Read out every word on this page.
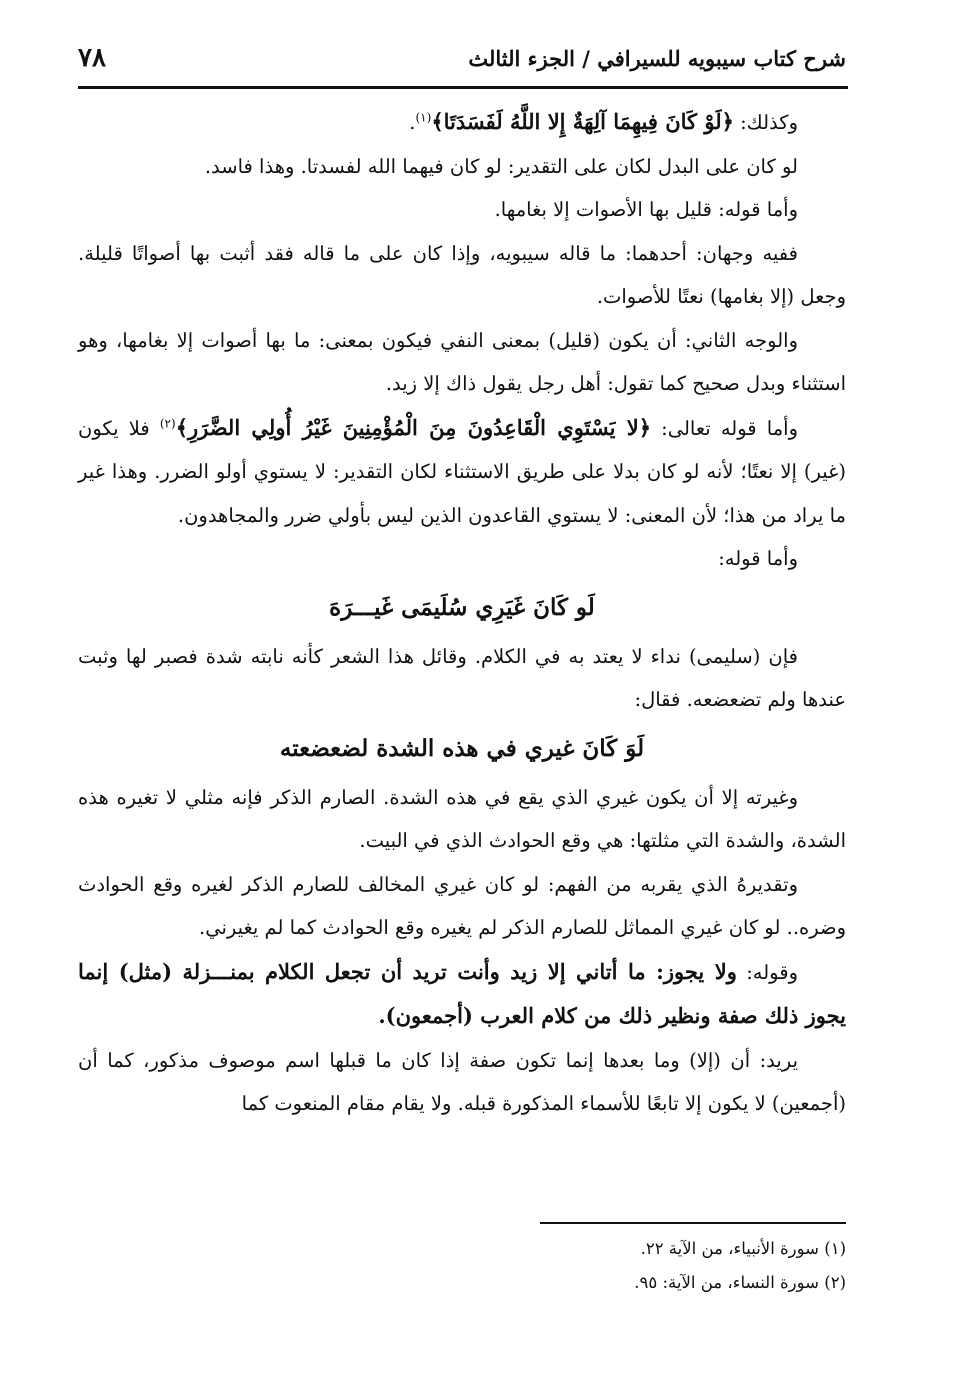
شرح كتاب سيبويه للسيرافي / الجزء الثالث
٧٨

وكذلك: ﴿لَوْ كَانَ فِيهِمَا آلِهَةٌ إِلا اللَّهُ لَفَسَدَتَا﴾$^{(١)}$.

لو كان على البدل لكان على التقدير: لو كان فيهما الله لفسدتا. وهذا فاسد.

وأما قوله: قليل بها الأصوات إلا بغامها.

ففيه وجهان: أحدهما: ما قاله سيبويه، وإذا كان على ما قاله فقد أثبت بها أصواتًا قليلة. وجعل (إلا بغامها) نعتًا للأصوات.

والوجه الثاني: أن يكون (قليل) بمعنى النفي فيكون بمعنى: ما بها أصوات إلا بغامها، وهو استثناء وبدل صحيح كما تقول: أهل رجل يقول ذاك إلا زيد.

وأما قوله تعالى: ﴿لا يَسْتَوِي الْقَاعِدُونَ مِنَ الْمُؤْمِنِينَ غَيْرُ أُولِي الضَّرَرِ﴾$^{(٢)}$ فلا يكون (غير) إلا نعتًا؛ لأنه لو كان بدلا على طريق الاستثناء لكان التقدير: لا يستوي أولو الضرر. وهذا غير ما يراد من هذا؛ لأن المعنى: لا يستوي القاعدون الذين ليس بأولي ضرر والمجاهدون.

وأما قوله:

لَو كَانَ غَيَرِي سُلَيمَى غَيـــرَهَ

فإن (سليمى) نداء لا يعتد به في الكلام. وقائل هذا الشعر كأنه نابته شدة فصبر لها وثبت عندها ولم تضعضعه. فقال:

لَوَ كَانَ غيري في هذه الشدة لضعضعته

وغيرته إلا أن يكون غيري الذي يقع في هذه الشدة. الصارم الذكر فإنه مثلي لا تغيره هذه الشدة، والشدة التي مثلتها: هي وقع الحوادث الذي في البيت.

وتقديرهُ الذي يقربه من الفهم: لو كان غيري المخالف للصارم الذكر لغيره وقع الحوادث وضره.. لو كان غيري المماثل للصارم الذكر لم يغيره وقع الحوادث كما لم يغيرني.

وقوله: ولا يجوز: ما أتاني إلا زيد وأنت تريد أن تجعل الكلام بمنـــزلة (مثل) إنما يجوز ذلك صفة ونظير ذلك من كلام العرب (أجمعون).

يريد: أن (إلا) وما بعدها إنما تكون صفة إذا كان ما قبلها اسم موصوف مذكور، كما أن (أجمعين) لا يكون إلا تابعًا للأسماء المذكورة قبله. ولا يقام مقام المنعوت كما

(١) سورة الأنبياء، من الآية ٢٢.

(٢) سورة النساء، من الآية: ٩٥.
